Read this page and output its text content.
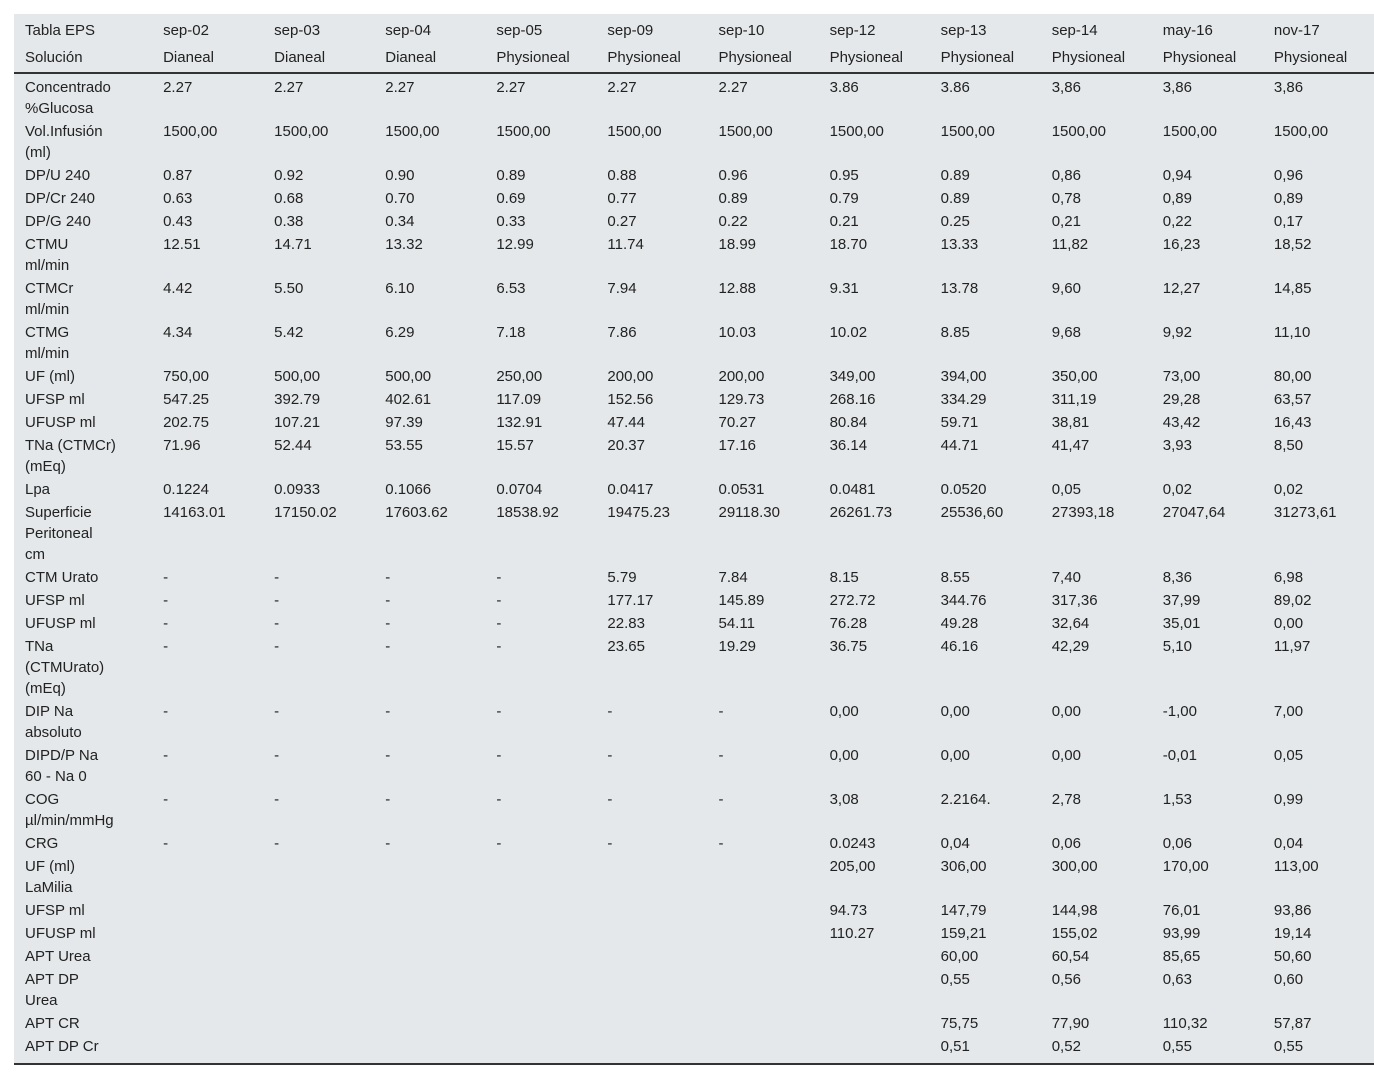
Tabla EPS	sep-02	sep-03	sep-04	sep-05	sep-09	sep-10	sep-12	sep-13	sep-14	may-16	nov-17
Solución	Dianeal	Dianeal	Dianeal	Physioneal	Physioneal	Physioneal	Physioneal	Physioneal	Physioneal	Physioneal	Physioneal
Concentrado
%Glucosa	2.27	2.27	2.27	2.27	2.27	2.27	3.86	3.86	3,86	3,86	3,86
Vol.Infusión
(ml)	1500,00	1500,00	1500,00	1500,00	1500,00	1500,00	1500,00	1500,00	1500,00	1500,00	1500,00
DP/U 240	0.87	0.92	0.90	0.89	0.88	0.96	0.95	0.89	0,86	0,94	0,96
DP/Cr 240	0.63	0.68	0.70	0.69	0.77	0.89	0.79	0.89	0,78	0,89	0,89
DP/G 240	0.43	0.38	0.34	0.33	0.27	0.22	0.21	0.25	0,21	0,22	0,17
CTMU
ml/min	12.51	14.71	13.32	12.99	11.74	18.99	18.70	13.33	11,82	16,23	18,52
CTMCr
ml/min	4.42	5.50	6.10	6.53	7.94	12.88	9.31	13.78	9,60	12,27	14,85
CTMG
ml/min	4.34	5.42	6.29	7.18	7.86	10.03	10.02	8.85	9,68	9,92	11,10
UF (ml)	750,00	500,00	500,00	250,00	200,00	200,00	349,00	394,00	350,00	73,00	80,00
UFSP ml	547.25	392.79	402.61	117.09	152.56	129.73	268.16	334.29	311,19	29,28	63,57
UFUSP ml	202.75	107.21	97.39	132.91	47.44	70.27	80.84	59.71	38,81	43,42	16,43
TNa (CTMCr)
(mEq)	71.96	52.44	53.55	15.57	20.37	17.16	36.14	44.71	41,47	3,93	8,50
Lpa	0.1224	0.0933	0.1066	0.0704	0.0417	0.0531	0.0481	0.0520	0,05	0,02	0,02
Superficie
Peritoneal
cm	14163.01	17150.02	17603.62	18538.92	19475.23	29118.30	26261.73	25536,60	27393,18	27047,64	31273,61
CTM Urato	-	-	-	-	5.79	7.84	8.15	8.55	7,40	8,36	6,98
UFSP ml	-	-	-	-	177.17	145.89	272.72	344.76	317,36	37,99	89,02
UFUSP ml	-	-	-	-	22.83	54.11	76.28	49.28	32,64	35,01	0,00
TNa
(CTMUrato)
(mEq)	-	-	-	-	23.65	19.29	36.75	46.16	42,29	5,10	11,97
DIP Na
absoluto	-	-	-	-	-	-	0,00	0,00	0,00	-1,00	7,00
DIPD/P Na
60 - Na 0	-	-	-	-	-	-	0,00	0,00	0,00	-0,01	0,05
COG
µl/min/mmHg	-	-	-	-	-	-	3,08	2.2164.	2,78	1,53	0,99
CRG	-	-	-	-	-	-	0.0243	0,04	0,06	0,06	0,04
UF (ml)
LaMilia							205,00	306,00	300,00	170,00	113,00
UFSP ml							94.73	147,79	144,98	76,01	93,86
UFUSP ml							110.27	159,21	155,02	93,99	19,14
APT Urea								60,00	60,54	85,65	50,60
APT DP
Urea								0,55	0,56	0,63	0,60
APT CR								75,75	77,90	110,32	57,87
APT DP Cr								0,51	0,52	0,55	0,55
